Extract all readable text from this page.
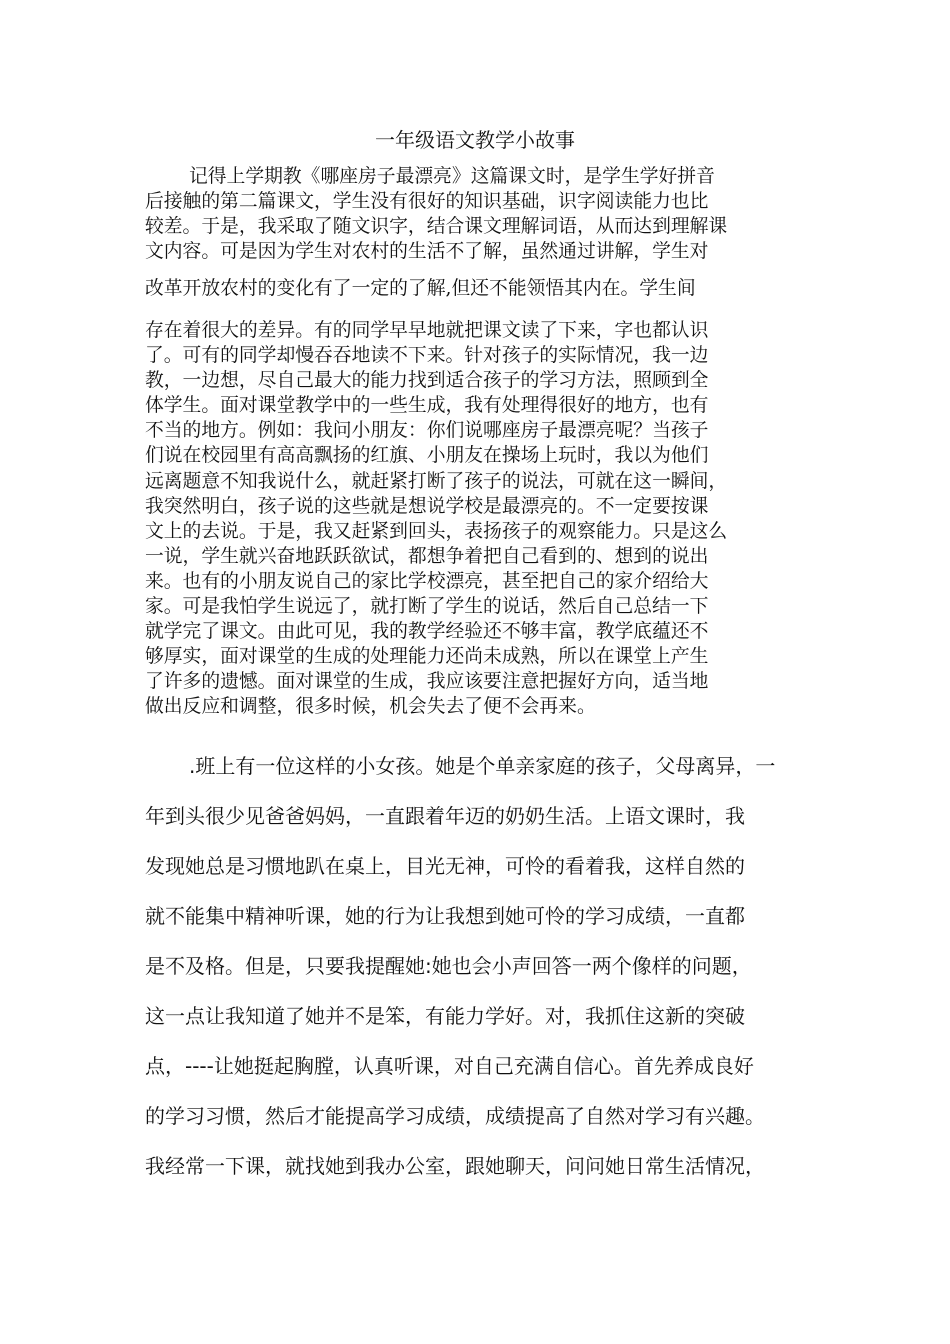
一年级语文教学小故事
记得上学期教《哪座房子最漂亮》这篇课文时，是学生学好拼音
后接触的第二篇课文，学生没有很好的知识基础，识字阅读能力也比
较差。于是，我采取了随文识字，结合课文理解词语，从而达到理解课
文内容。可是因为学生对农村的生活不了解，虽然通过讲解，学生对
改革开放农村的变化有了一定的了解,但还不能领悟其内在。学生间
存在着很大的差异。有的同学早早地就把课文读了下来，字也都认识
了。可有的同学却慢吞吞地读不下来。针对孩子的实际情况，我一边
教，一边想，尽自己最大的能力找到适合孩子的学习方法，照顾到全
体学生。面对课堂教学中的一些生成，我有处理得很好的地方，也有
不当的地方。例如：我问小朋友：你们说哪座房子最漂亮呢？当孩子
们说在校园里有高高飘扬的红旗、小朋友在操场上玩时，我以为他们
远离题意不知我说什么，就赶紧打断了孩子的说法，可就在这一瞬间，
我突然明白，孩子说的这些就是想说学校是最漂亮的。不一定要按课
文上的去说。于是，我又赶紧到回头，表扬孩子的观察能力。只是这么
一说，学生就兴奋地跃跃欲试，都想争着把自己看到的、想到的说出
来。也有的小朋友说自己的家比学校漂亮，甚至把自己的家介绍给大
家。可是我怕学生说远了，就打断了学生的说话，然后自己总结一下
就学完了课文。由此可见，我的教学经验还不够丰富，教学底蕴还不
够厚实，面对课堂的生成的处理能力还尚未成熟，所以在课堂上产生
了许多的遗憾。面对课堂的生成，我应该要注意把握好方向，适当地
做出反应和调整，很多时候，机会失去了便不会再来。
.班上有一位这样的小女孩。她是个单亲家庭的孩子，父母离异，一
年到头很少见爸爸妈妈，一直跟着年迈的奶奶生活。上语文课时，我
发现她总是习惯地趴在桌上，目光无神，可怜的看着我，这样自然的
就不能集中精神听课，她的行为让我想到她可怜的学习成绩，一直都
是不及格。但是，只要我提醒她:她也会小声回答一两个像样的问题，
这一点让我知道了她并不是笨，有能力学好。对，我抓住这新的突破
点，----让她挺起胸膛，认真听课，对自己充满自信心。首先养成良好
的学习习惯，然后才能提高学习成绩，成绩提高了自然对学习有兴趣。
我经常一下课，就找她到我办公室，跟她聊天，问问她日常生活情况，
